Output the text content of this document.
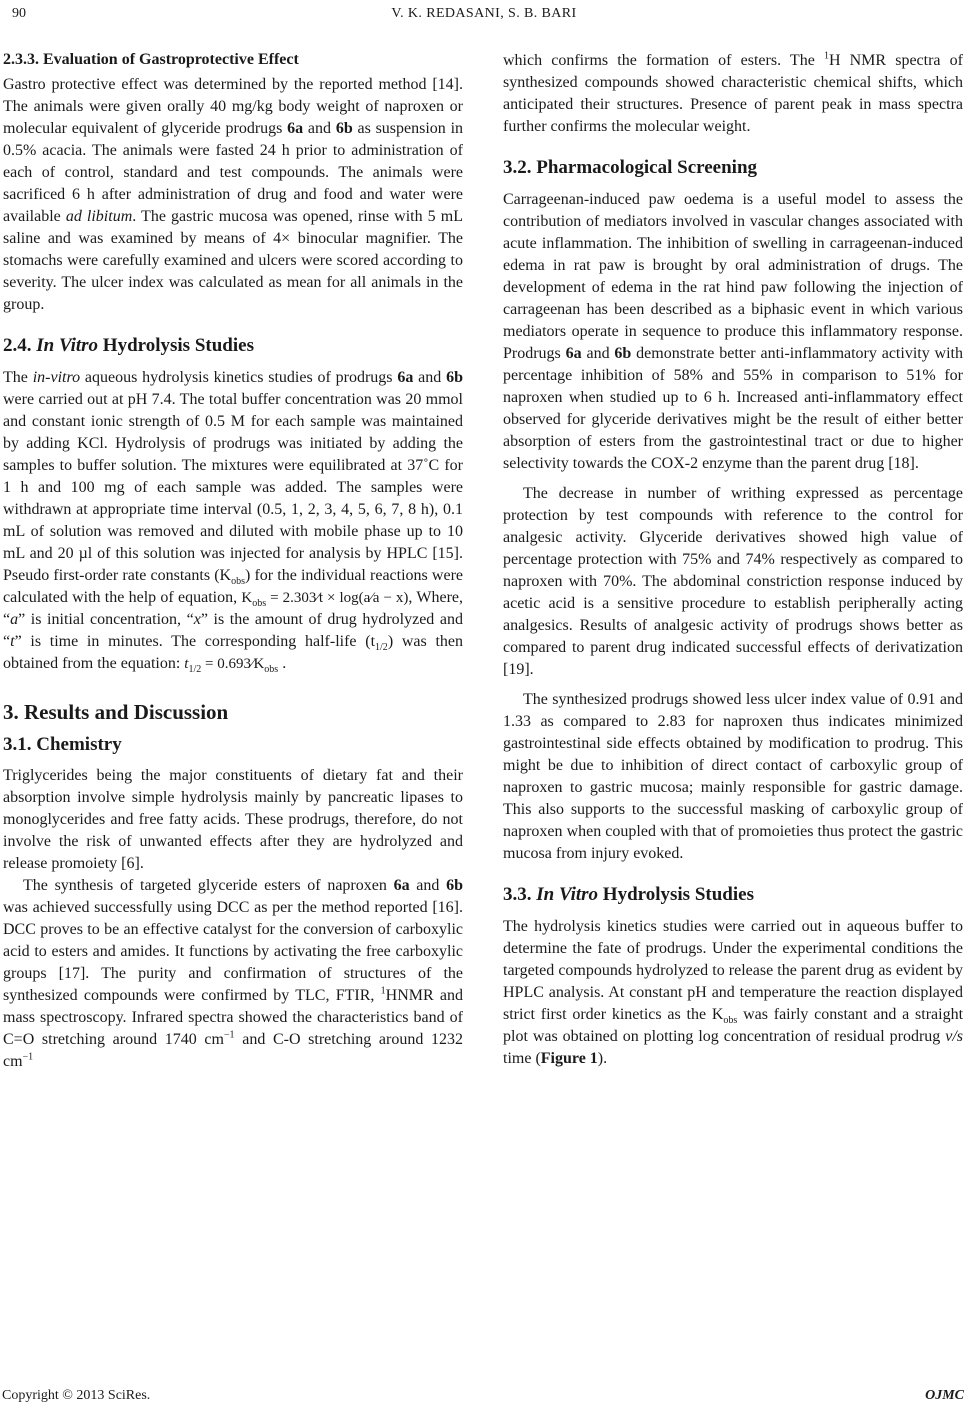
90	V. K. REDASANI, S. B. BARI
2.3.3. Evaluation of Gastroprotective Effect

Gastro protective effect was determined by the reported method [14]. The animals were given orally 40 mg/kg body weight of naproxen or molecular equivalent of glyceride prodrugs 6a and 6b as suspension in 0.5% acacia. The animals were fasted 24 h prior to administration of each of control, standard and test compounds. The animals were sacrificed 6 h after administration of drug and food and water were available ad libitum. The gastric mucosa was opened, rinse with 5 mL saline and was examined by means of 4× binocular magnifier. The stomachs were carefully examined and ulcers were scored according to severity. The ulcer index was calculated as mean for all animals in the group.

2.4. In Vitro Hydrolysis Studies

The in-vitro aqueous hydrolysis kinetics studies of prodrugs 6a and 6b were carried out at pH 7.4. The total buffer concentration was 20 mmol and constant ionic strength of 0.5 M for each sample was maintained by adding KCl. Hydrolysis of prodrugs was initiated by adding the samples to buffer solution. The mixtures were equilibrated at 37˚C for 1 h and 100 mg of each sample was added. The samples were withdrawn at appropriate time interval (0.5, 1, 2, 3, 4, 5, 6, 7, 8 h), 0.1 mL of solution was removed and diluted with mobile phase up to 10 mL and 20 µl of this solution was injected for analysis by HPLC [15]. Pseudo first-order rate constants $(K_{obs})$ for the individual reactions were calculated with the help of equation, $K_{obs}$ = 2.303⁄t × log(a⁄a − x), Where, “a” is initial concentration, “x” is the amount of drug hydrolyzed and “t” is time in minutes. The corresponding half-life $(t_{1/2})$ was then obtained from the equation: $t_{1/2}$ = $0.693⁄K_{obs}$ .

3. Results and Discussion
3.1. Chemistry

Triglycerides being the major constituents of dietary fat and their absorption involve simple hydrolysis mainly by pancreatic lipases to monoglycerides and free fatty acids. These prodrugs, therefore, do not involve the risk of unwanted effects after they are hydrolyzed and release promoiety [6].

The synthesis of targeted glyceride esters of naproxen 6a and 6b was achieved successfully using DCC as per the method reported [16]. DCC proves to be an effective catalyst for the conversion of carboxylic acid to esters and amides. It functions by activating the free carboxylic groups [17]. The purity and confirmation of structures of the synthesized compounds were confirmed by TLC, FTIR, $^1$HNMR and mass spectroscopy. Infrared spectra showed the characteristics band of C=O stretching around 1740 $cm^{-1}$ and C-O stretching around 1232 $cm^{-1}$

which confirms the formation of esters. The $^1$H NMR spectra of synthesized compounds showed characteristic chemical shifts, which anticipated their structures. Presence of parent peak in mass spectra further confirms the molecular weight.

3.2. Pharmacological Screening

Carrageenan-induced paw oedema is a useful model to assess the contribution of mediators involved in vascular changes associated with acute inflammation. The inhibition of swelling in carrageenan-induced edema in rat paw is brought by oral administration of drugs. The development of edema in the rat hind paw following the injection of carrageenan has been described as a biphasic event in which various mediators operate in sequence to produce this inflammatory response. Prodrugs 6a and 6b demonstrate better anti-inflammatory activity with percentage inhibition of 58% and 55% in comparison to 51% for naproxen when studied up to 6 h. Increased anti-inflammatory effect observed for glyceride derivatives might be the result of either better absorption of esters from the gastrointestinal tract or due to higher selectivity towards the COX-2 enzyme than the parent drug [18].

The decrease in number of writhing expressed as percentage protection by test compounds with reference to the control for analgesic activity. Glyceride derivatives showed high value of percentage protection with 75% and 74% respectively as compared to naproxen with 70%. The abdominal constriction response induced by acetic acid is a sensitive procedure to establish peripherally acting analgesics. Results of analgesic activity of prodrugs shows better as compared to parent drug indicated successful effects of derivatization [19].

The synthesized prodrugs showed less ulcer index value of 0.91 and 1.33 as compared to 2.83 for naproxen thus indicates minimized gastrointestinal side effects obtained by modification to prodrug. This might be due to inhibition of direct contact of carboxylic group of naproxen to gastric mucosa; mainly responsible for gastric damage. This also supports to the successful masking of carboxylic group of naproxen when coupled with that of promoieties thus protect the gastric mucosa from injury evoked.

3.3. In Vitro Hydrolysis Studies

The hydrolysis kinetics studies were carried out in aqueous buffer to determine the fate of prodrugs. Under the experimental conditions the targeted compounds hydrolyzed to release the parent drug as evident by HPLC analysis. At constant pH and temperature the reaction displayed strict first order kinetics as the $K_{obs}$ was fairly constant and a straight plot was obtained on plotting log concentration of residual prodrug v/s time (Figure 1).

Copyright © 2013 SciRes.	OJMC
